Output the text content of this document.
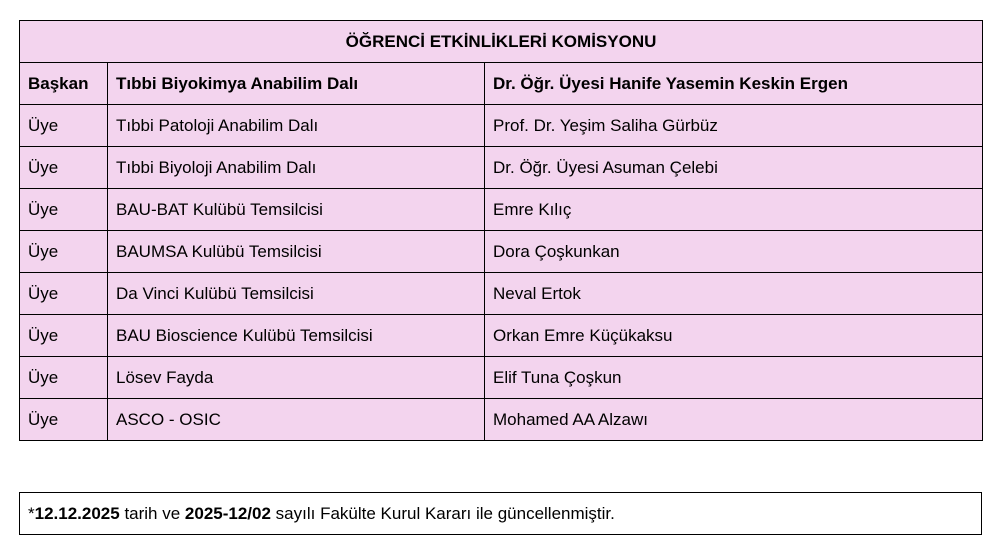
ÖĞRENCİ ETKİNLİKLERİ KOMİSYONU		
Başkan	Tıbbi Biyokimya Anabilim Dalı	Dr. Öğr. Üyesi Hanife Yasemin Keskin Ergen
Üye	Tıbbi Patoloji Anabilim Dalı	Prof. Dr. Yeşim Saliha Gürbüz
Üye	Tıbbi Biyoloji Anabilim Dalı	Dr. Öğr. Üyesi Asuman Çelebi
Üye	BAU-BAT Kulübü Temsilcisi	Emre Kılıç
Üye	BAUMSA Kulübü Temsilcisi	Dora Çoşkunkan
Üye	Da Vinci Kulübü Temsilcisi	Neval Ertok
Üye	BAU Bioscience Kulübü Temsilcisi	Orkan Emre Küçükaksu
Üye	Lösev Fayda	Elif Tuna Çoşkun
Üye	ASCO - OSIC	Mohamed AA Alzawı
* 12.12.2025 tarih ve 2025-12/02 sayılı Fakülte Kurul Kararı ile güncellenmiştir.
